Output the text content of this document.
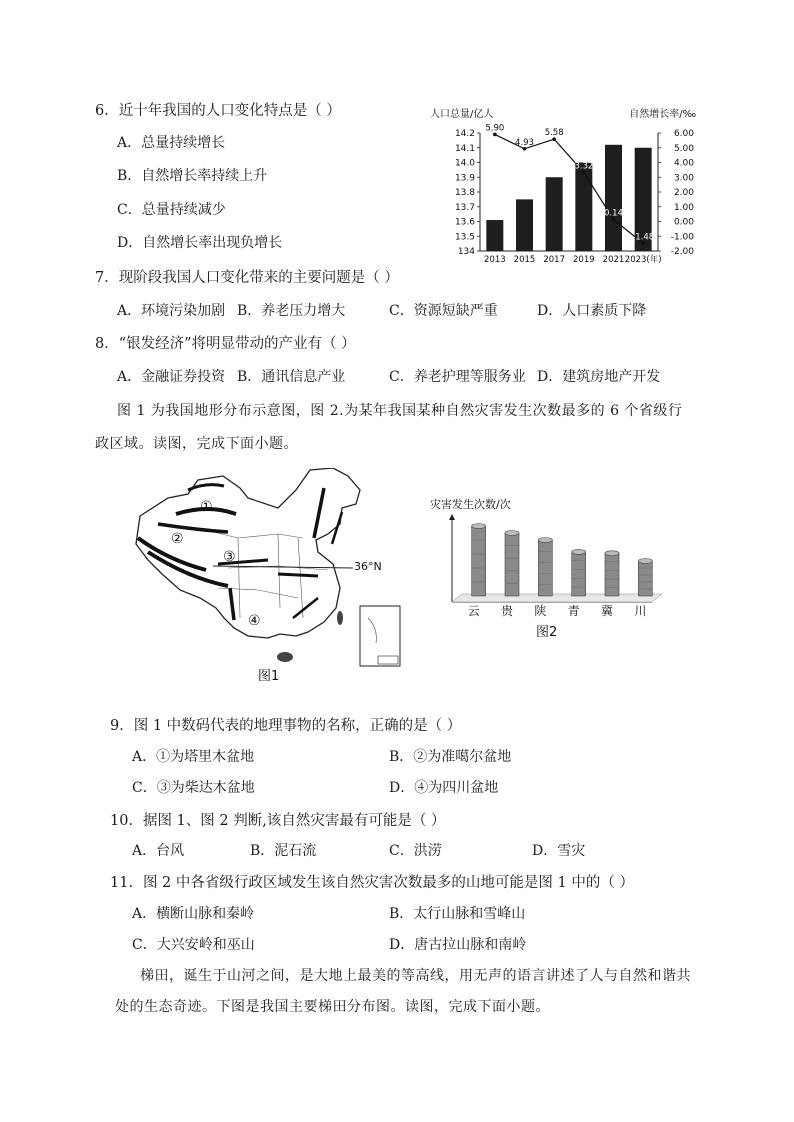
6．近十年我国的人口变化特点是（ ）
A．总量持续增长
B．自然增长率持续上升
C．总量持续减少
D．自然增长率出现负增长
14.2
14.1
14.0
13.9
13.8
13.7
13.6
13.5
134
6.00
5.00
4.00
3.00
2.00
1.00
0.00
-1.00
-2.00
2013 2015 2017 2019 2021 2023(年)
5.90
4.93
5.58
3.32
0.14
-1.48
人口总量/亿人	自然增长率/‰
7．现阶段我国人口变化带来的主要问题是（ ）
A．环境污染加剧 B．养老压力增大	C．资源短缺严重	D．人口素质下降
8．“银发经济”将明显带动的产业有（ ）
A．金融证券投资 B．通讯信息产业	C．养老护理等服务业 D．建筑房地产开发
图 1 为我国地形分布示意图，图 2.为某年我国某种自然灾害发生次数最多的 6 个省级行
政区域。读图，完成下面小题。
①
②
③
④
36°N
图1
云 贵 陕 青 冀 川
灾害发生次数/次
图2
9．图 1 中数码代表的地理事物的名称，正确的是（ ）
A．①为塔里木盆地	B．②为准噶尔盆地
C．③为柴达木盆地	D．④为四川盆地
10．据图 1、图 2 判断,该自然灾害最有可能是（ ）
A．台风	B．泥石流	C．洪涝	D．雪灾
11．图 2 中各省级行政区域发生该自然灾害次数最多的山地可能是图 1 中的（ ）
A．横断山脉和秦岭	B．太行山脉和雪峰山
C．大兴安岭和巫山	D．唐古拉山脉和南岭
梯田，诞生于山河之间，是大地上最美的等高线，用无声的语言讲述了人与自然和谐共
处的生态奇迹。下图是我国主要梯田分布图。读图，完成下面小题。
